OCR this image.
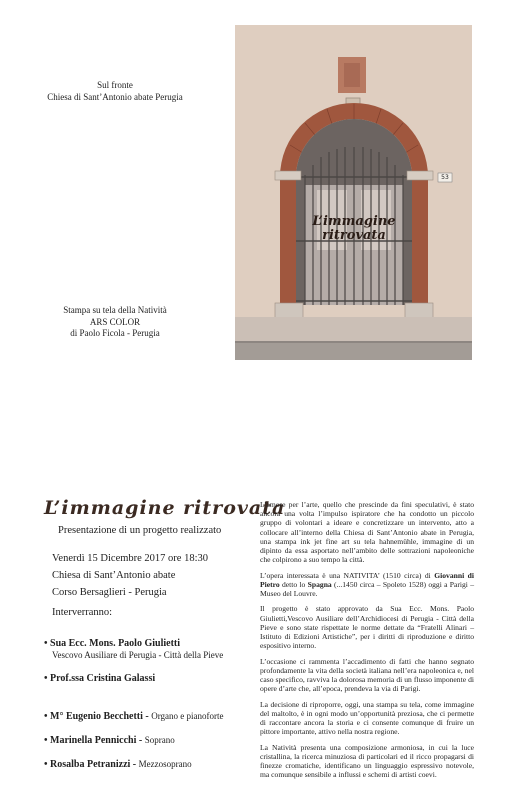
Sul fronte
Chiesa di Sant’Antonio abate Perugia
Stampa su tela della Natività
ARS COLOR
di Paolo Ficola - Perugia
53
L’immagine
ritrovata
L’immagine ritrovata
Presentazione di un progetto realizzato
Venerdì 15 Dicembre 2017 ore 18:30
Chiesa di Sant’Antonio abate
Corso Bersaglieri - Perugia
Interverranno:
• Sua Ecc. Mons. Paolo Giulietti
Vescovo Ausiliare di Perugia - Città della Pieve
• Prof.ssa Cristina Galassi
• M° Eugenio Becchetti - Organo e pianoforte
• Marinella Pennicchi - Soprano
• Rosalba Petranizzi - Mezzosoprano

L’amore per l’arte, quello che prescinde da fini speculativi, è stato ancora una volta l’impulso ispiratore che ha condotto un piccolo gruppo di volontari a ideare e concretizzare un intervento, atto a collocare all’interno della Chiesa di Sant’Antonio abate in Perugia, una stampa ink jet fine art su tela hahnemühle, immagine di un dipinto da essa asportato nell’ambito delle sottrazioni napoleoniche che colpirono a suo tempo la città.

L’opera interessata è una NATIVITA’ (1510 circa) di Giovanni di Pietro detto lo Spagna (...1450 circa – Spoleto 1528) oggi a Parigi – Museo del Louvre.

Il progetto è stato approvato da Sua Ecc. Mons. Paolo Giulietti,Vescovo Ausiliare dell’Archidiocesi di Perugia - Città della Pieve e sono state rispettate le norme dettate da “Fratelli Alinari – Istituto di Edizioni Artistiche”, per i diritti di riproduzione e diritto espositivo interno.

L’occasione ci rammenta l’accadimento di fatti che hanno segnato profondamente la vita della società italiana nell’era napoleonica e, nel caso specifico, ravviva la dolorosa memoria di un flusso imponente di opere d’arte che, all’epoca, prendeva la via di Parigi.

La decisione di riproporre, oggi, una stampa su tela, come immagine del maltolto, è in ogni modo un’opportunità preziosa, che ci permette di raccontare ancora la storia e ci consente comunque di fruire un pittore importante, attivo nella nostra regione.

La Natività presenta una composizione armoniosa, in cui la luce cristallina, la ricerca minuziosa di particolari ed il ricco propagarsi di finezze cromatiche, identificano un linguaggio espressivo notevole, ma comunque sensibile a influssi e schemi di artisti coevi.
